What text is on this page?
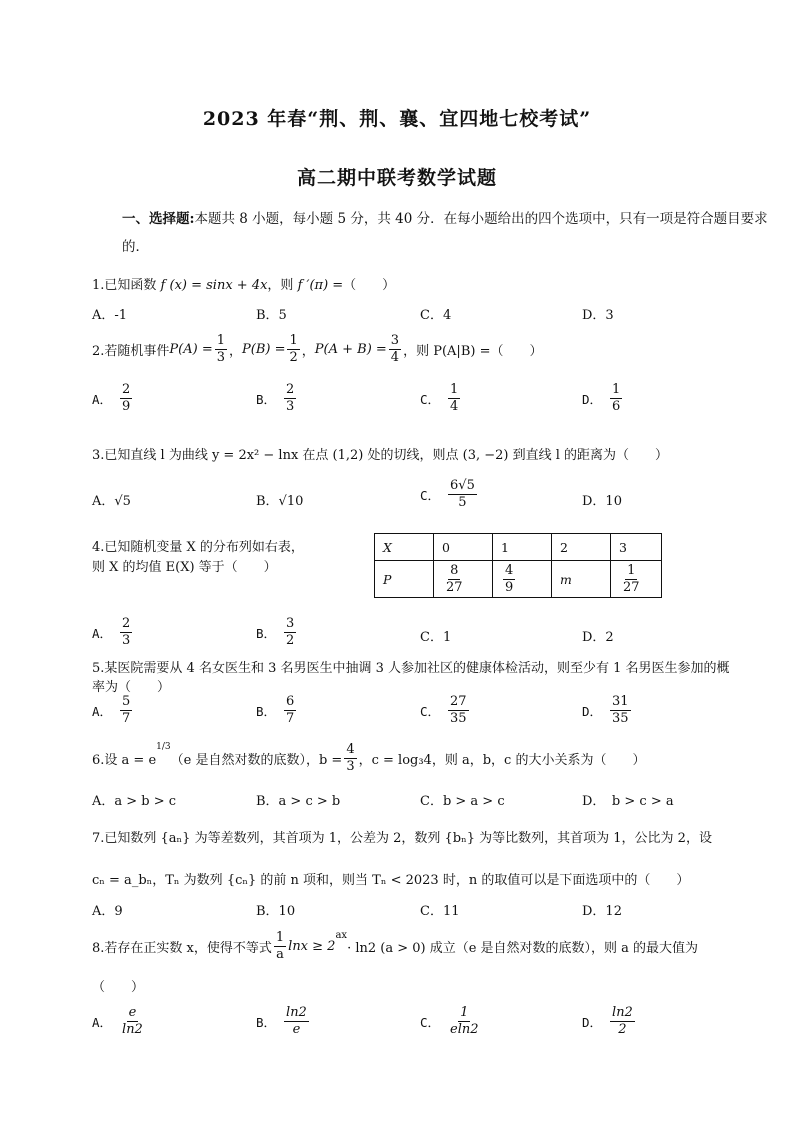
2023 年春“荆、荆、襄、宜四地七校考试”
高二期中联考数学试题
一、选择题:本题共 8 小题，每小题 5 分，共 40 分．在每小题给出的四个选项中，只有一项是符合题目要求的．
1.已知函数 f (x) = sinx + 4x，则 f ′(π) =（　　）
A．-1	B．5	C．4	D．3
2.若随机事件 $P(A) = \frac{1}{3}$ ， $P(B) = \frac{1}{2}$ ， $P(A + B) = \frac{3}{4}$ ， 则 P(A|B) =（　　）
A． $\frac{2}{9}$	B． $\frac{2}{3}$	C． $\frac{1}{4}$	D． $\frac{1}{6}$
3.已知直线 l 为曲线 y = 2x² − lnx 在点 (1,2) 处的切线，则点 (3, −2) 到直线 l 的距离为（　　）
A．√5	B．√10	C． $\frac{6√5}{5}$	D．10
4.已知随机变量 X 的分布列如右表，
则 X 的均值 E(X) 等于（　　）
X	0	1	2	3
P	$\frac{8}{27}$	$\frac{4}{9}$	m	$\frac{1}{27}$
A． $\frac{2}{3}$	B． $\frac{3}{2}$	C．1	D．2
5.某医院需要从 4 名女医生和 3 名男医生中抽调 3 人参加社区的健康体检活动，则至少有 1 名男医生参加的概
率为（　　）
A． $\frac{5}{7}$	B． $\frac{6}{7}$	C． $\frac{27}{35}$	D． $\frac{31}{35}$
6.设 a = e
$^{1/3}$
（e 是自然对数的底数），$b = \frac{4}{3}$ ，c = log₃4，则 a，b，c 的大小关系为（　　）
A．a > b > c	B．a > c > b	C．b > a > c	D．　b > c > a
7.已知数列 {aₙ} 为等差数列，其首项为 1，公差为 2，数列 {bₙ} 为等比数列，其首项为 1，公比为 2，设
cₙ = a_bₙ，Tₙ 为数列 {cₙ} 的前 n 项和，则当 Tₙ < 2023 时，n 的取值可以是下面选项中的（　　）
A．9	B．10	C．11	D．12
8.若存在正实数 x，使得不等式 $\frac{1}{a}$ lnx ≥ 2
$^{ax}$
· ln2 (a > 0) 成立（e 是自然对数的底数），则 a 的最大值为
（　　）
A． $\frac{e}{\ln 2}$	B． $\frac{\ln 2}{e}$	C． $\frac{1}{eln2}$	D． $\frac{\ln 2}{2}$
